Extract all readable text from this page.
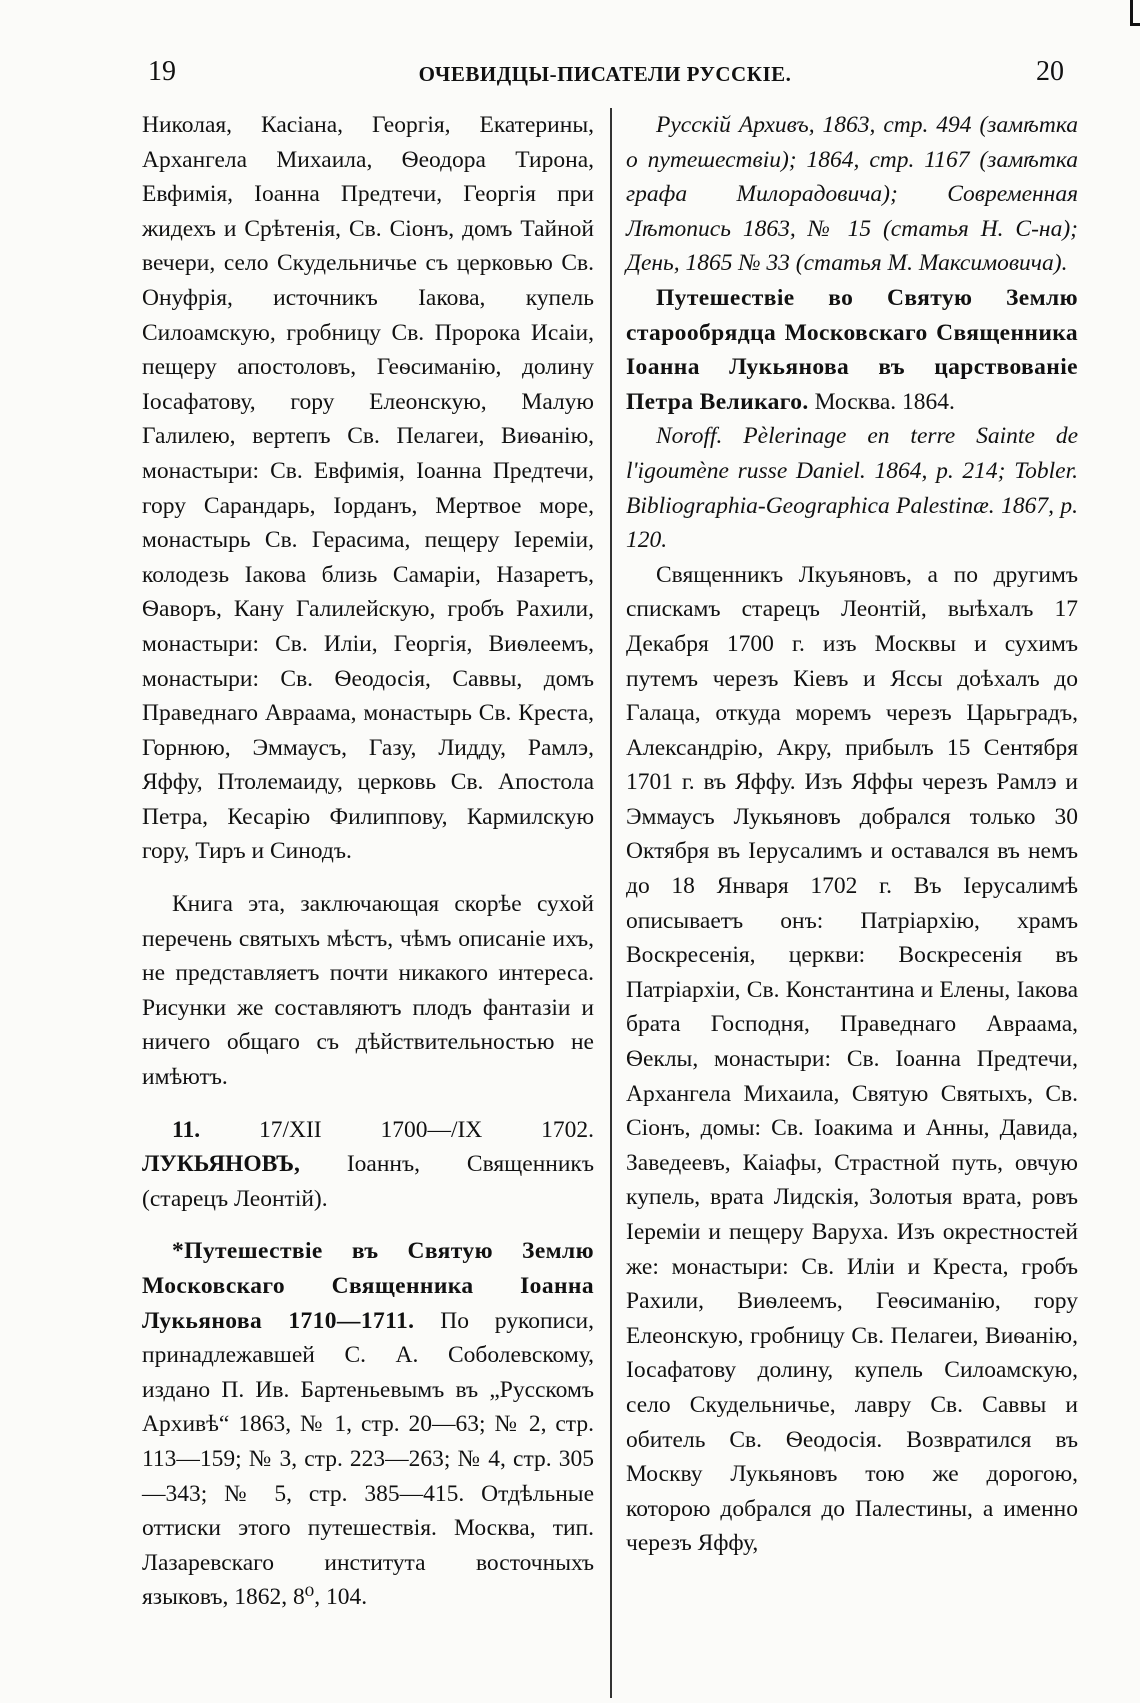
19	ОЧЕВИДЦЫ-ПИСАТЕЛИ РУССКІЕ.	20

Николая, Касіана, Георгія, Екатерины, Архангела Михаила, Ѳеодора Тирона, Евфимія, Іоанна Предтечи, Георгія при жидехъ и Срѣтенія, Св. Сіонъ, домъ Тайной вечери, село Скудельничье съ церковью Св. Онуфрія, источникъ Іакова, купель Силоамскую, гробницу Св. Пророка Исаіи, пещеру апостоловъ, Геѳсиманію, долину Іосафатову, гору Елеонскую, Малую Галилею, вертепъ Св. Пелагеи, Виѳанію, монастыри: Св. Евфимія, Іоанна Предтечи, гору Сарандарь, Іорданъ, Мертвое море, монастырь Св. Герасима, пещеру Іереміи, колодезь Іакова близь Самаріи, Назаретъ, Ѳаворъ, Кану Галилейскую, гробъ Рахили, монастыри: Св. Иліи, Георгія, Виѳлеемъ, монастыри: Св. Ѳеодосія, Саввы, домъ Праведнаго Авраама, монастырь Св. Креста, Горнюю, Эммаусъ, Газу, Лидду, Рамлэ, Яффу, Птолемаиду, церковь Св. Апостола Петра, Кесарію Филиппову, Кармилскую гору, Тиръ и Синодъ.

Книга эта, заключающая скорѣе сухой перечень святыхъ мѣстъ, чѣмъ описаніе ихъ, не представляетъ почти никакого интереса. Рисунки же составляютъ плодъ фантазіи и ничего общаго съ дѣйствительностью не имѣютъ.

11.	17/XII 1700—/IX 1702. ЛУКЬЯНОВЪ, Іоаннъ, Священникъ (старецъ Леонтій).

*Путешествіе въ Святую Землю Московскаго Священника Іоанна Лукьянова 1710—1711. По рукописи, принадлежавшей С. А. Соболевскому, издано П. Ив. Бартеньевымъ въ „Русскомъ Архивѣ“ 1863, № 1, стр. 20—63; № 2, стр. 113—159; № 3, стр. 223—263; № 4, стр. 305—343; № 5, стр. 385—415. Отдѣльные оттиски этого путешествія. Москва, тип. Лазаревскаго института восточныхъ языковъ, 1862, 8⁰, 104.

Русскій Архивъ, 1863, стр. 494 (замѣтка о путешествіи); 1864, стр. 1167 (замѣтка графа Милорадовича); Современная Лѣтопись 1863, № 15 (статья Н. С-на); День, 1865 № 33 (статья М. Максимовича).

Путешествіе во Святую Землю старообрядца Московскаго Священника Іоанна Лукьянова въ царствованіе Петра Великаго. Москва. 1864.

Noroff. Pèlerinage en terre Sainte de l'igoumène russe Daniel. 1864, p. 214; Tobler. Bibliographia-Geographica Palestinæ. 1867, p. 120.

Священникъ Лкуьяновъ, а по другимъ спискамъ старецъ Леонтій, выѣхалъ 17 Декабря 1700 г. изъ Москвы и сухимъ путемъ черезъ Кіевъ и Яссы доѣхалъ до Галаца, откуда моремъ черезъ Царьградъ, Александрію, Акру, прибылъ 15 Сентября 1701 г. въ Яффу. Изъ Яффы черезъ Рамлэ и Эммаусъ Лукьяновъ добрался только 30 Октября въ Іерусалимъ и оставался въ немъ до 18 Января 1702 г. Въ Іерусалимѣ описываетъ онъ: Патріархію, храмъ Воскресенія, церкви: Воскресенія въ Патріархіи, Св. Константина и Елены, Іакова брата Господня, Праведнаго Авраама, Ѳеклы, монастыри: Св. Іоанна Предтечи, Архангела Михаила, Святую Святыхъ, Св. Сіонъ, домы: Св. Іоакима и Анны, Давида, Заведеевъ, Каіафы, Страстной путь, овчую купель, врата Лидскія, Золотыя врата, ровъ Іереміи и пещеру Варуха. Изъ окрестностей же: монастыри: Св. Иліи и Креста, гробъ Рахили, Виѳлеемъ, Геѳсиманію, гору Елеонскую, гробницу Св. Пелагеи, Виѳанію, Іосафатову долину, купель Силоамскую, село Скудельничье, лавру Св. Саввы и обитель Св. Ѳеодосія. Возвратился въ Москву Лукьяновъ тою же дорогою, которою добрался до Палестины, а именно черезъ Яффу,
